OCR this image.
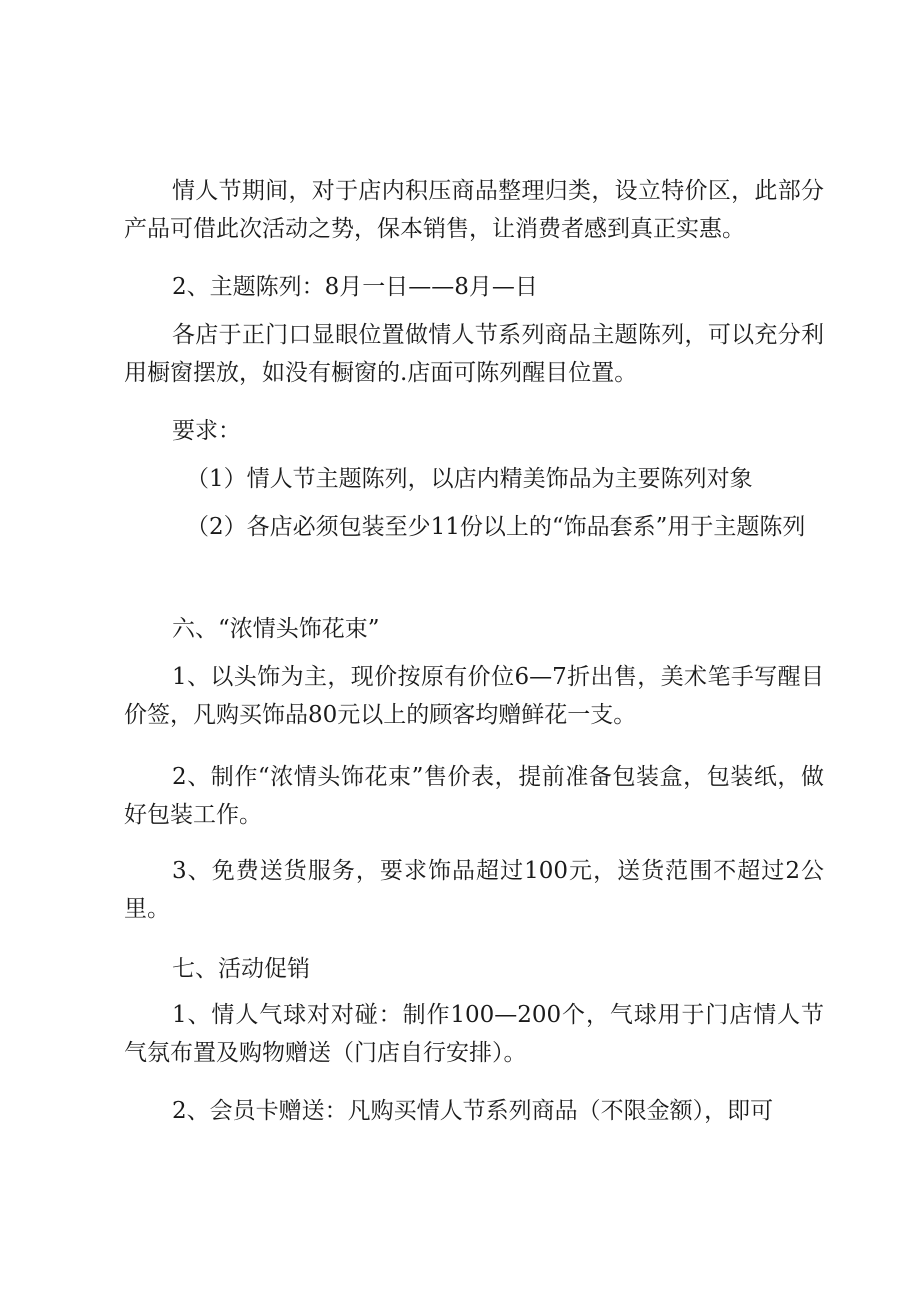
情人节期间，对于店内积压商品整理归类，设立特价区，此部分产品可借此次活动之势，保本销售，让消费者感到真正实惠。

2、主题陈列：8月一日——8月—日

各店于正门口显眼位置做情人节系列商品主题陈列，可以充分利用橱窗摆放，如没有橱窗的.店面可陈列醒目位置。

要求：

（1）情人节主题陈列，以店内精美饰品为主要陈列对象

（2）各店必须包装至少11份以上的“饰品套系”用于主题陈列

六、“浓情头饰花束”

1、以头饰为主，现价按原有价位6—7折出售，美术笔手写醒目价签，凡购买饰品80元以上的顾客均赠鲜花一支。

2、制作“浓情头饰花束”售价表，提前准备包装盒，包装纸，做好包装工作。

3、免费送货服务，要求饰品超过100元，送货范围不超过2公里。

七、活动促销

1、情人气球对对碰：制作100—200个，气球用于门店情人节气氛布置及购物赠送（门店自行安排）。

2、会员卡赠送：凡购买情人节系列商品（不限金额），即可
